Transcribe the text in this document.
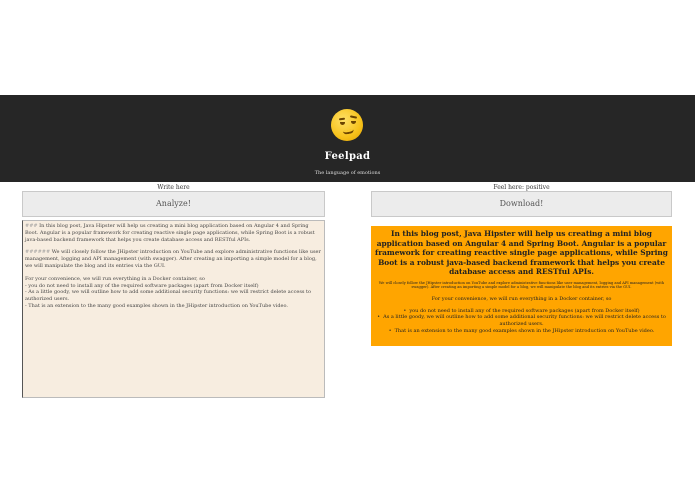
Feelpad
The language of emotions
Write here	Feel here: positive
Analyze!	Download!

### In this blog post, Java Hipster will help us creating a mini blog application based on Angular 4 and Spring Boot. Angular is a popular framework for creating reactive single page applications, while Spring Boot is a robust java-based backend framework that helps you create database access and RESTful APIs.

###### We will closely follow the JHipster introduction on YouTube and explore administrative functions like user management, logging and API management (with swagger). After creating an importing a simple model for a blog, we will manipulate the blog and its entries via the GUI.

For your convenience, we will run everything in a Docker container, so
- you do not need to install any of the required software packages (apart from Docker itself)
- As a little goody, we will outline how to add some additional security functions: we will restrict delete access to authorized users.
- That is an extension to the many good examples shown in the JHipster introduction on YouTube video.

In this blog post, Java Hipster will help us creating a mini blog application based on Angular 4 and Spring Boot. Angular is a popular framework for creating reactive single page applications, while Spring Boot is a robust java-based backend framework that helps you create database access and RESTful APIs.
We will closely follow the JHipster introduction on YouTube and explore administrative functions like user management, logging and API management (with swagger). After creating an importing a simple model for a blog, we will manipulate the blog and its entries via the GUI.
For your convenience, we will run everything in a Docker container, so
• you do not need to install any of the required software packages (apart from Docker itself)
• As a little goody, we will outline how to add some additional security functions: we will restrict delete access to authorized users.
• That is an extension to the many good examples shown in the JHipster introduction on YouTube video.
